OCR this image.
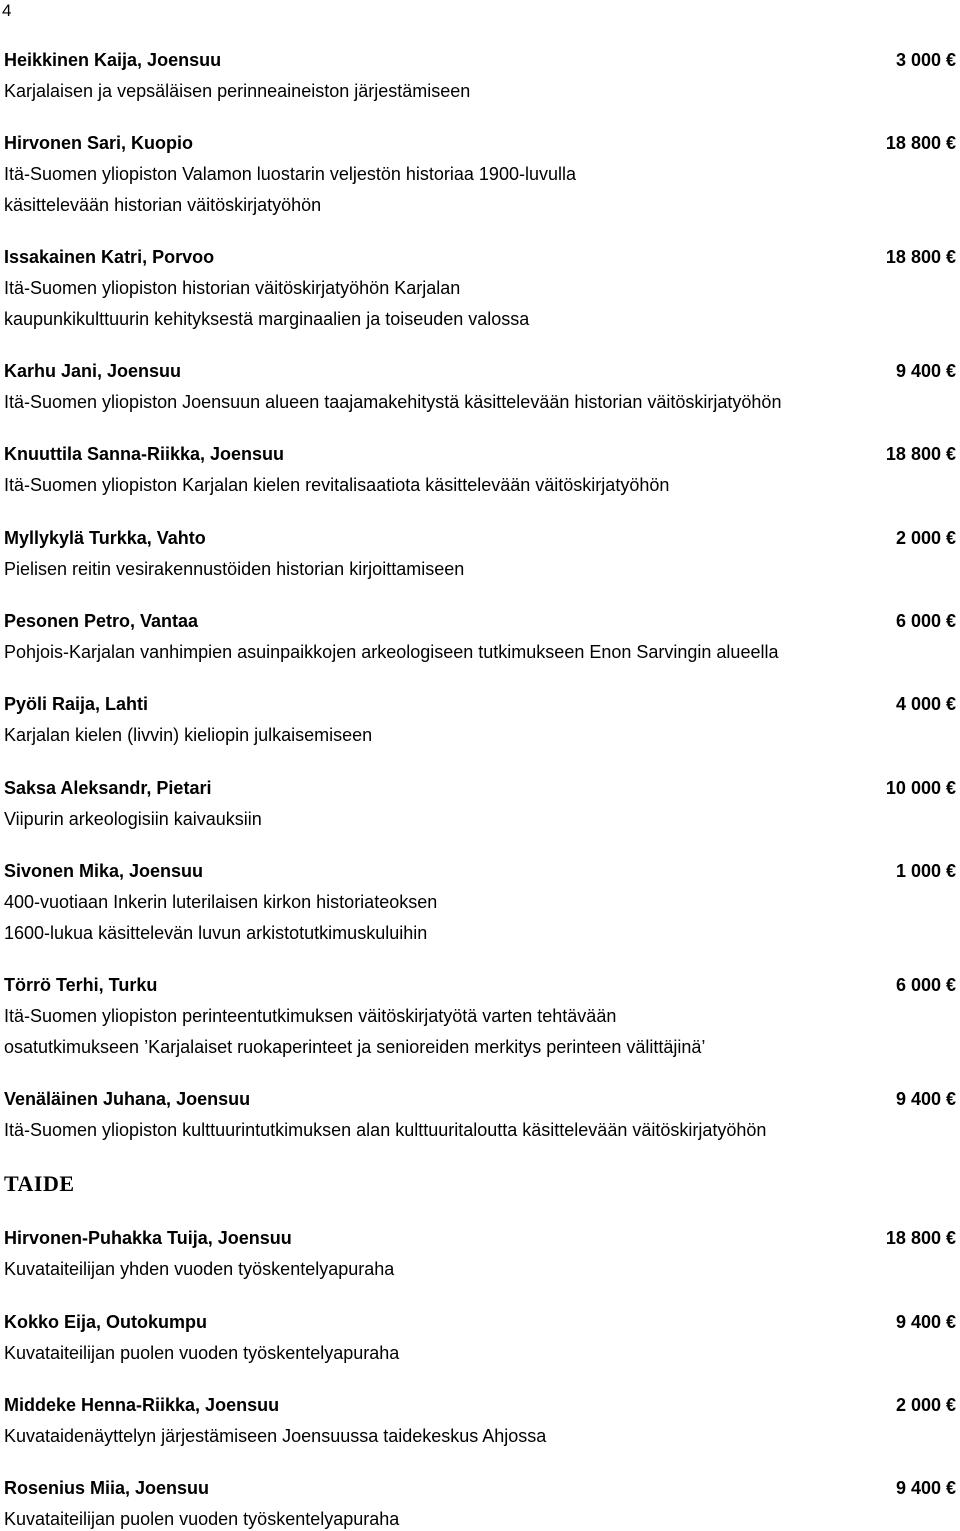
4
Heikkinen Kaija, Joensuu	3 000 €
Karjalaisen ja vepsäläisen perinneaineiston järjestämiseen
Hirvonen Sari, Kuopio	18 800 €
Itä-Suomen yliopiston Valamon luostarin veljestön historiaa 1900-luvulla
käsittelevään historian väitöskirjatyöhön
Issakainen Katri, Porvoo	18 800 €
Itä-Suomen yliopiston historian väitöskirjatyöhön Karjalan
kaupunkikulttuurin kehityksestä marginaalien ja toiseuden valossa
Karhu Jani, Joensuu	9 400 €
Itä-Suomen yliopiston Joensuun alueen taajamakehitystä käsittelevään historian väitöskirjatyöhön
Knuuttila Sanna-Riikka, Joensuu	18 800 €
Itä-Suomen yliopiston Karjalan kielen revitalisaatiota käsittelevään väitöskirjatyöhön
Myllykylä Turkka, Vahto	2 000 €
Pielisen reitin vesirakennustöiden historian kirjoittamiseen
Pesonen Petro, Vantaa	6 000 €
Pohjois-Karjalan vanhimpien asuinpaikkojen arkeologiseen tutkimukseen Enon Sarvingin alueella
Pyöli Raija, Lahti	4 000 €
Karjalan kielen (livvin) kieliopin julkaisemiseen
Saksa Aleksandr, Pietari	10 000 €
Viipurin arkeologisiin kaivauksiin
Sivonen Mika, Joensuu	1 000 €
400-vuotiaan Inkerin luterilaisen kirkon historiateoksen
1600-lukua käsittelevän luvun arkistotutkimuskuluihin
Törrö Terhi, Turku	6 000 €
Itä-Suomen yliopiston perinteentutkimuksen väitöskirjatyötä varten tehtävään
osatutkimukseen ’Karjalaiset ruokaperinteet ja senioreiden merkitys perinteen välittäjinä’
Venäläinen Juhana, Joensuu	9 400 €
Itä-Suomen yliopiston kulttuurintutkimuksen alan kulttuuritaloutta käsittelevään väitöskirjatyöhön
Hirvonen-Puhakka Tuija, Joensuu	18 800 €
Kuvataiteilijan yhden vuoden työskentelyapuraha
Kokko Eija, Outokumpu	9 400 €
Kuvataiteilijan puolen vuoden työskentelyapuraha
Middeke Henna-Riikka, Joensuu	2 000 €
Kuvataidenäyttelyn järjestämiseen Joensuussa taidekeskus Ahjossa
Rosenius Miia, Joensuu	9 400 €
Kuvataiteilijan puolen vuoden työskentelyapuraha
TAIDE
